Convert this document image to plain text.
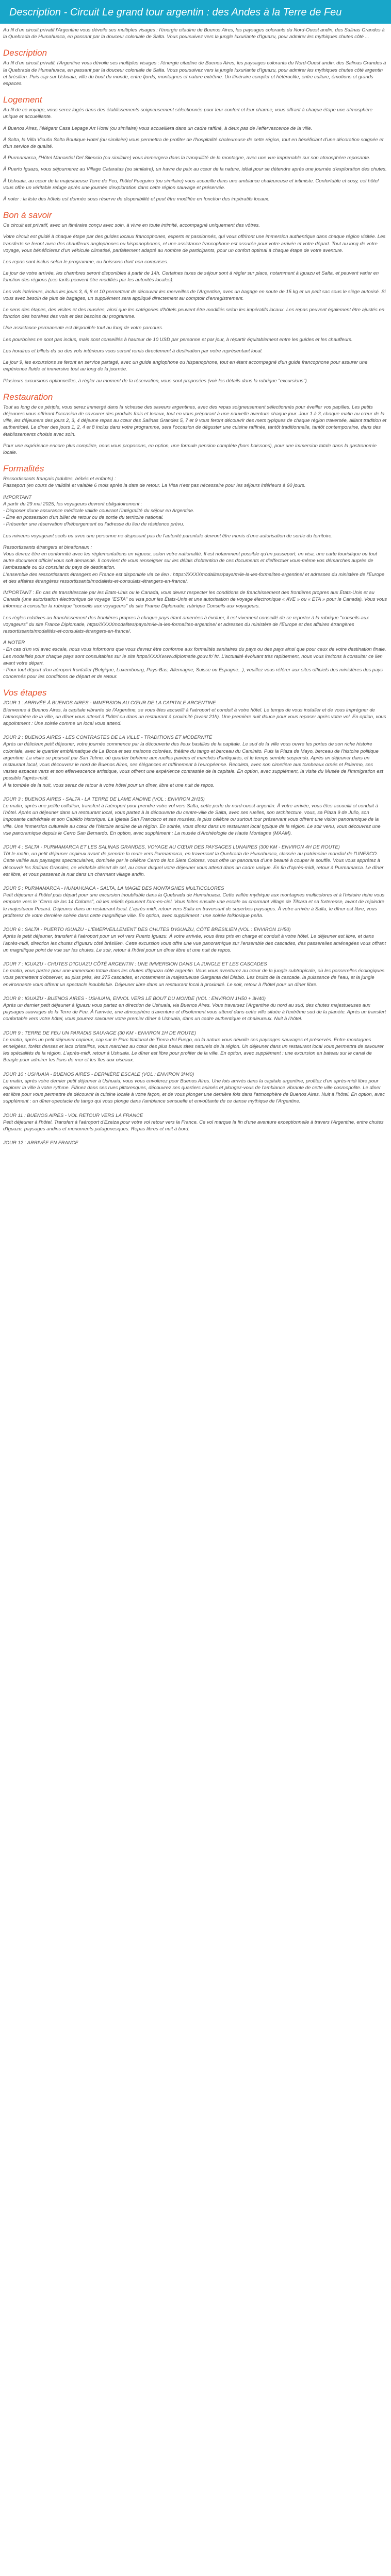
Description - Circuit Le grand tour argentin : des Andes à la Terre de Feu
Au fil d'un circuit privatif l'Argentine vous dévoile ses multiples visages : l'énergie citadine de Buenos Aires, les paysages colorants du Nord-Ouest andin, des Salinas Grandes à la Quebrada de Humahuaca, en passant par la douceur coloniale de Salta. Vous poursuivez vers la jungle luxuriante d'Iguazu, pour admirer les mythiques chutes côté ...
Description
Au fil d'un circuit privatif, l'Argentine vous dévoile ses multiples visages : l'énergie citadine de Buenos Aires, les paysages colorants du Nord-Ouest andin, des Salinas Grandes à la Quebrada de Humahuaca, en passant par la douceur coloniale de Salta. Vous poursuivez vers la jungle luxuriante d'Iguazu, pour admirer les mythiques chutes côté argentin et brésilien. Puis cap sur Ushuaia, ville du bout du monde, entre fjords, montagnes et nature extrême. Un itinéraire complet et hétéroclite, entre culture, émotions et grands espaces.
Logement
Au fil de ce voyage, vous serez logés dans des établissements soigneusement sélectionnés pour leur confort et leur charme, vous offrant à chaque étape une atmosphère unique et accueillante.
À Buenos Aires, l'élégant Casa Lepage Art Hotel (ou similaire) vous accueillera dans un cadre raffiné, à deux pas de l'effervescence de la ville.
À Salta, la Villa Vicuña Salta Boutique Hotel (ou similaire) vous permettra de profiter de l'hospitalité chaleureuse de cette région, tout en bénéficiant d'une décoration soignée et d'un service de qualité.
À Purmamarca, l'Hôtel Manantial Del Silencio (ou similaire) vous immergera dans la tranquillité de la montagne, avec une vue imprenable sur son atmosphère reposante.
À Puerto Iguazu, vous séjournerez au Village Cataratas (ou similaire), un havre de paix au cœur de la nature, idéal pour se détendre après une journée d'exploration des chutes.
À Ushuaia, au cœur de la majestueuse Terre de Feu, l'hôtel Fueguino (ou similaire) vous accueille dans une ambiance chaleureuse et intimiste. Confortable et cosy, cet hôtel vous offre un véritable refuge après une journée d'exploration dans cette région sauvage et préservée.
À noter : la liste des hôtels est donnée sous réserve de disponibilité et peut être modifiée en fonction des impératifs locaux.
Bon à savoir
Ce circuit est privatif, avec un itinéraire conçu avec soin, à vivre en toute intimité, accompagné uniquement des vôtres.
Votre circuit est guidé à chaque étape par des guides locaux francophones, experts et passionnés, qui vous offriront une immersion authentique dans chaque région visitée. Les transferts se feront avec des chauffeurs anglophones ou hispanophones, et une assistance francophone est assurée pour votre arrivée et votre départ. Tout au long de votre voyage, vous bénéficierez d'un véhicule climatisé, parfaitement adapté au nombre de participants, pour un confort optimal à chaque étape de votre aventure.
Les repas sont inclus selon le programme, ou boissons dont non comprises.
Le jour de votre arrivée, les chambres seront disponibles à partir de 14h. Certaines taxes de séjour sont à régler sur place, notamment à Iguazu et Salta, et peuvent varier en fonction des régions (ces tarifs peuvent être modifiés par les autorités locales).
Les vols intérieurs, inclus les jours 3, 6, 8 et 10 permettent de découvrir les merveilles de l'Argentine, avec un bagage en soute de 15 kg et un petit sac sous le siège autorisé. Si vous avez besoin de plus de bagages, un supplément sera appliqué directement au comptoir d'enregistrement.
Le sens des étapes, des visites et des musées, ainsi que les catégories d'hôtels peuvent être modifiés selon les impératifs locaux. Les repas peuvent également être ajustés en fonction des horaires des vols et des besoins du programme.
Une assistance permanente est disponible tout au long de votre parcours.
Les pourboires ne sont pas inclus, mais sont conseillés à hauteur de 10 USD par personne et par jour, à répartir équitablement entre les guides et les chauffeurs.
Les horaires et billets du ou des vols intérieurs vous seront remis directement à destination par notre représentant local.
Le jour 9, les excursions se feront en service partagé, avec un guide anglophone ou hispanophone, tout en étant accompagné d'un guide francophone pour assurer une expérience fluide et immersive tout au long de la journée.
Plusieurs excursions optionnelles, à régler au moment de la réservation, vous sont proposées (voir les détails dans la rubrique "excursions").
Restauration
Tout au long de ce périple, vous serez immergé dans la richesse des saveurs argentines, avec des repas soigneusement sélectionnés pour éveiller vos papilles. Les petits déjeuners vous offriront l'occasion de savourer des produits frais et locaux, tout en vous préparant à une nouvelle aventure chaque jour. Jour 1 à 3, chaque matin au cœur de la ville, les déjeuners des jours 2, 3, 4 déjeune repas au cœur des Salinas Grandes 5, 7 et 9 vous feront découvrir des mets typiques de chaque région traversée, alliant tradition et authenticité. Le dîner des jours 1, 2, 4 et 8 inclus dans votre programme, sera l'occasion de déguster une cuisine raffinée, tantôt traditionnelle, tantôt contemporaine, dans des établissements choisis avec soin.
Pour une expérience encore plus complète, nous vous proposons, en option, une formule pension complète (hors boissons), pour une immersion totale dans la gastronomie locale.
Formalités
Ressortissants français (adultes, bébés et enfants) :
Passeport (en cours de validité et valable 6 mois après la date de retour. La Visa n'est pas nécessaire pour les séjours inférieurs à 90 jours.
IMPORTANT
A partir du 29 mai 2025, les voyageurs devront obligatoirement :
- Disposer d'une assurance médicale valide couvrant l'intégralité du séjour en Argentine.
- Être en possession d'un billet de retour ou de sortie du territoire national.
- Présenter une réservation d'hébergement ou l'adresse du lieu de résidence prévu.
Les mineurs voyageant seuls ou avec une personne ne disposant pas de l'autorité parentale devront être munis d'une autorisation de sortie du territoire.
Ressortissants étrangers et binationaux :
Vous devrez être en conformité avec les réglementations en vigueur, selon votre nationalité. Il est notamment possible qu'un passeport, un visa, une carte touristique ou tout autre document officiel vous soit demandé. Il convient de vous renseigner sur les délais d'obtention de ces documents et d'effectuer vous-même vos démarches auprès de l'ambassade ou du consulat du pays de destination.
L'ensemble des ressortissants étrangers en France est disponible via ce lien : https://XXXXmodalites/pays/m/le-la-les-formalites-argentine/ et adresses du ministère de l'Europe et des affaires étrangères ressortissants/modalités-et-consulats-étrangers-en-france/.
IMPORTANT : En cas de transit/escale par les Etats-Unis ou le Canada, vous devez respecter les conditions de franchissement des frontières propres aux États-Unis et au Canada (une autorisation électronique de voyage "ESTA" ou visa pour les États-Unis et une autorisation de voyage électronique « AVE » ou « ETA » pour le Canada). Vous vous informez à consulter la rubrique "conseils aux voyageurs" du site France Diplomatie, rubrique Conseils aux voyageurs.
Les règles relatives au franchissement des frontières propres à chaque pays étant amenées à évoluer, il est vivement conseillé de se reporter à la rubrique "conseils aux voyageurs" du site France Diplomatie, https//XXXXmodalites/pays/m/le-la-les-formalites-argentine/ et adresses du ministère de l'Europe et des affaires étrangères ressortissants/modalités-et-consulats-étrangers-en-france/.
À NOTER
- En cas d'un vol avec escale, nous vous informons que vous devrez être conforme aux formalités sanitaires du pays ou des pays ainsi que pour ceux de votre destination finale.
Les modalités pour chaque pays sont consultables sur le site https/XXXXwww.diplomatie.gouv.fr/ fr/. L'actualité évoluant très rapidement, nous vous invitons à consulter ce lien avant votre départ.
- Pour tout départ d'un aéroport frontalier (Belgique, Luxembourg, Pays-Bas, Allemagne, Suisse ou Espagne...), veuillez vous référer aux sites officiels des ministères des pays concernés pour les conditions de départ et de retour.
Vos étapes
JOUR 1 : ARRIVÉE À BUENOS AIRES - IMMERSION AU CŒUR DE LA CAPITALE ARGENTINE
Bienvenue à Buenos Aires, la capitale vibrante de l'Argentine, se vous êtes accueilli à l'aéroport et conduit à votre hôtel. Le temps de vous installer et de vous imprégner de l'atmosphère de la ville, un dîner vous attend à l'hôtel ou dans un restaurant à proximité (avant 21h). Une première nuit douce pour vous reposer après votre vol. En option, vous appointment : Une soirée comme un local vous attend.
JOUR 2 : BUENOS AIRES - LES CONTRASTES DE LA VILLE - TRADITIONS ET MODERNITÉ
Après un délicieux petit déjeuner, votre journée commence par la découverte des lieux bastilles de la capitale. Le sud de la ville vous ouvre les portes de son riche histoire coloniale, avec le quartier emblématique de La Boca et ses maisons colorées, théâtre du tango et berceau du Caminito. Puis la Plaza de Mayo, berceau de l'histoire politique argentine. La visite se poursuit par San Telmo, où quartier bohème aux ruelles pavées et marchés d'antiquités, et le temps semble suspendu. Après un déjeuner dans un restaurant local, vous découvrez le nord de Buenos Aires, ses élégances et raffinement à l'européenne. Recoleta, avec son cimetière aux tombeaux ornés et Palermo, ses vastes espaces verts et son effervescence artistique, vous offrent une expérience contrastée de la capitale. En option, avec supplément, la visite du Musée de l'Immigration est possible l'après-midi.
À la tombée de la nuit, vous serez de retour à votre hôtel pour un dîner, libre et une nuit de repos.
JOUR 3 : BUENOS AIRES - SALTA - LA TERRE DE LAME ANDINE (VOL : ENVIRON 2H15)
Le matin, après une petite collation, transfert à l'aéroport pour prendre votre vol vers Salta, cette perle du nord-ouest argentin. À votre arrivée, vous êtes accueilli et conduit à l'hôtel. Après un déjeuner dans un restaurant local, vous partez à la découverte du centre-ville de Salta, avec ses ruelles, son architecture, vous, sa Plaza 9 de Julio, son imposante cathédrale et son Cabildo historique. La Iglesia San Francisco et ses musées, le plus célèbre ou surtout tour préservant vous offrent une vision panoramique de la ville. Une immersion culturelle au cœur de l'histoire andine de la région. En soirée, vous dînez dans un restaurant local typique de la région. Le soir venu, vous découvrez une vue panoramique depuis le Cerro San Bernardo. En option, avec supplément : La musée d'Archéologie de Haute Montagne (MAAM).
JOUR 4 : SALTA - PURMAMARCA ET LES SALINAS GRANDES, VOYAGE AU CŒUR DES PAYSAGES LUNAIRES (300 KM - ENVIRON 4H DE ROUTE)
Tôt le matin, un petit déjeuner copieux avant de prendre la route vers Purmamarca, en traversant la Quebrada de Humahuaca, classée au patrimoine mondial de l'UNESCO. Cette vallée aux paysages spectaculaires, dominée par le célèbre Cerro de los Siete Colores, vous offre un panorama d'une beauté à couper le souffle. Vous vous apprêtez à découvrir les Salinas Grandes, ce véritable désert de sel, au cœur duquel votre déjeuner vous attend dans un cadre unique. En fin d'après-midi, retour à Purmamarca. Le dîner est libre, et vous passerez la nuit dans un charmant village andin.
JOUR 5 : PURMAMARCA - HUMAHUACA - SALTA, LA MAGIE DES MONTAGNES MULTICOLORES
Petit déjeuner à l'hôtel puis départ pour une excursion inoubliable dans la Quebrada de Humahuaca. Cette vallée mythique aux montagnes multicolores et à l'histoire riche vous emporte vers le "Cerro de los 14 Colores", où les reliefs épousent l'arc-en-ciel. Vous faites ensuite une escale au charmant village de Tilcara et sa forteresse, avant de rejoindre le majestueux Pucará. Déjeuner dans un restaurant local. L'après-midi, retour vers Salta en traversant de superbes paysages. À votre arrivée à Salta, le dîner est libre, vous profiterez de votre dernière soirée dans cette magnifique ville. En option, avec supplément : une soirée folklorique peña.
JOUR 6 : SALTA - PUERTO IGUAZU - L'ÉMERVEILLEMENT DES CHUTES D'IGUAZU, CÔTÉ BRÉSILIEN (VOL : ENVIRON 1H50)
Après le petit déjeuner, transfert à l'aéroport pour un vol vers Puerto Iguazu. À votre arrivée, vous êtes pris en charge et conduit à votre hôtel. Le déjeuner est libre, et dans l'après-midi, direction les chutes d'Iguazu côté brésilien. Cette excursion vous offre une vue panoramique sur l'ensemble des cascades, des passerelles aménagées vous offrant un magnifique point de vue sur les chutes. Le soir, retour à l'hôtel pour un dîner libre et une nuit de repos.
JOUR 7 : IGUAZU - CHUTES D'IGUAZU CÔTÉ ARGENTIN : UNE IMMERSION DANS LA JUNGLE ET LES CASCADES
Le matin, vous partez pour une immersion totale dans les chutes d'Iguazu côté argentin. Vous vous aventurez au cœur de la jungle subtropicale, où les passerelles écologiques vous permettent d'observer, au plus près, les 275 cascades, et notamment la majestueuse Garganta del Diablo. Les bruits de la cascade, la puissance de l'eau, et la jungle environnante vous offrent un spectacle inoubliable. Déjeuner libre dans un restaurant local à proximité. Le soir, retour à l'hôtel pour un dîner libre.
JOUR 8 : IGUAZU - BUENOS AIRES - USHUAIA, ENVOL VERS LE BOUT DU MONDE (VOL : ENVIRON 1H50 + 3H40)
Après un dernier petit déjeuner à Iguazu vous partez en direction de Ushuaia, via Buenos Aires. Vous traversez l'Argentine du nord au sud, des chutes majestueuses aux paysages sauvages de la Terre de Feu. À l'arrivée, une atmosphère d'aventure et d'isolement vous attend dans cette ville située à l'extrême sud de la planète. Après un transfert confortable vers votre hôtel, vous pourrez savourer votre premier dîner à Ushuaia, dans un cadre authentique et chaleureux. Nuit à l'hôtel.
JOUR 9 : TERRE DE FEU UN PARADIS SAUVAGE (30 KM - ENVIRON 1H DE ROUTE)
Le matin, après un petit déjeuner copieux, cap sur le Parc National de Tierra del Fuego, où la nature vous dévoile ses paysages sauvages et préservés. Entre montagnes enneigées, forêts denses et lacs cristallins, vous marchez au cœur des plus beaux sites naturels de la région. Un déjeuner dans un restaurant local vous permettra de savourer les spécialités de la région. L'après-midi, retour à Ushuaia. Le dîner est libre pour profiter de la ville. En option, avec supplément : une excursion en bateau sur le canal de Beagle pour admirer les lions de mer et les îles aux oiseaux.
JOUR 10 : USHUAIA - BUENOS AIRES - DERNIÈRE ESCALE (VOL : ENVIRON 3H40)
Le matin, après votre dernier petit déjeuner à Ushuaia, vous vous envolerez pour Buenos Aires. Une fois arrivés dans la capitale argentine, profitez d'un après-midi libre pour explorer la ville à votre rythme. Flânez dans ses rues pittoresques, découvrez ses quartiers animés et plongez-vous de l'ambiance vibrante de cette ville cosmopolite. Le dîner est libre pour vous permettre de découvrir la cuisine locale à votre façon, et de vous plonger une dernière fois dans l'atmosphère de Buenos Aires. Nuit à l'hôtel. En option, avec supplément : un dîner-spectacle de tango qui vous plonge dans l'ambiance sensuelle et envoûtante de ce danse mythique de l'Argentine.
JOUR 11 : BUENOS AIRES - VOL RETOUR VERS LA FRANCE
Petit déjeuner à l'hôtel. Transfert à l'aéroport d'Ezeiza pour votre vol retour vers la France. Ce vol marque la fin d'une aventure exceptionnelle à travers l'Argentine, entre chutes d'Iguazu, paysages andins et monuments patagonesques. Repas libres et nuit à bord.
JOUR 12 : ARRIVÉE EN FRANCE
